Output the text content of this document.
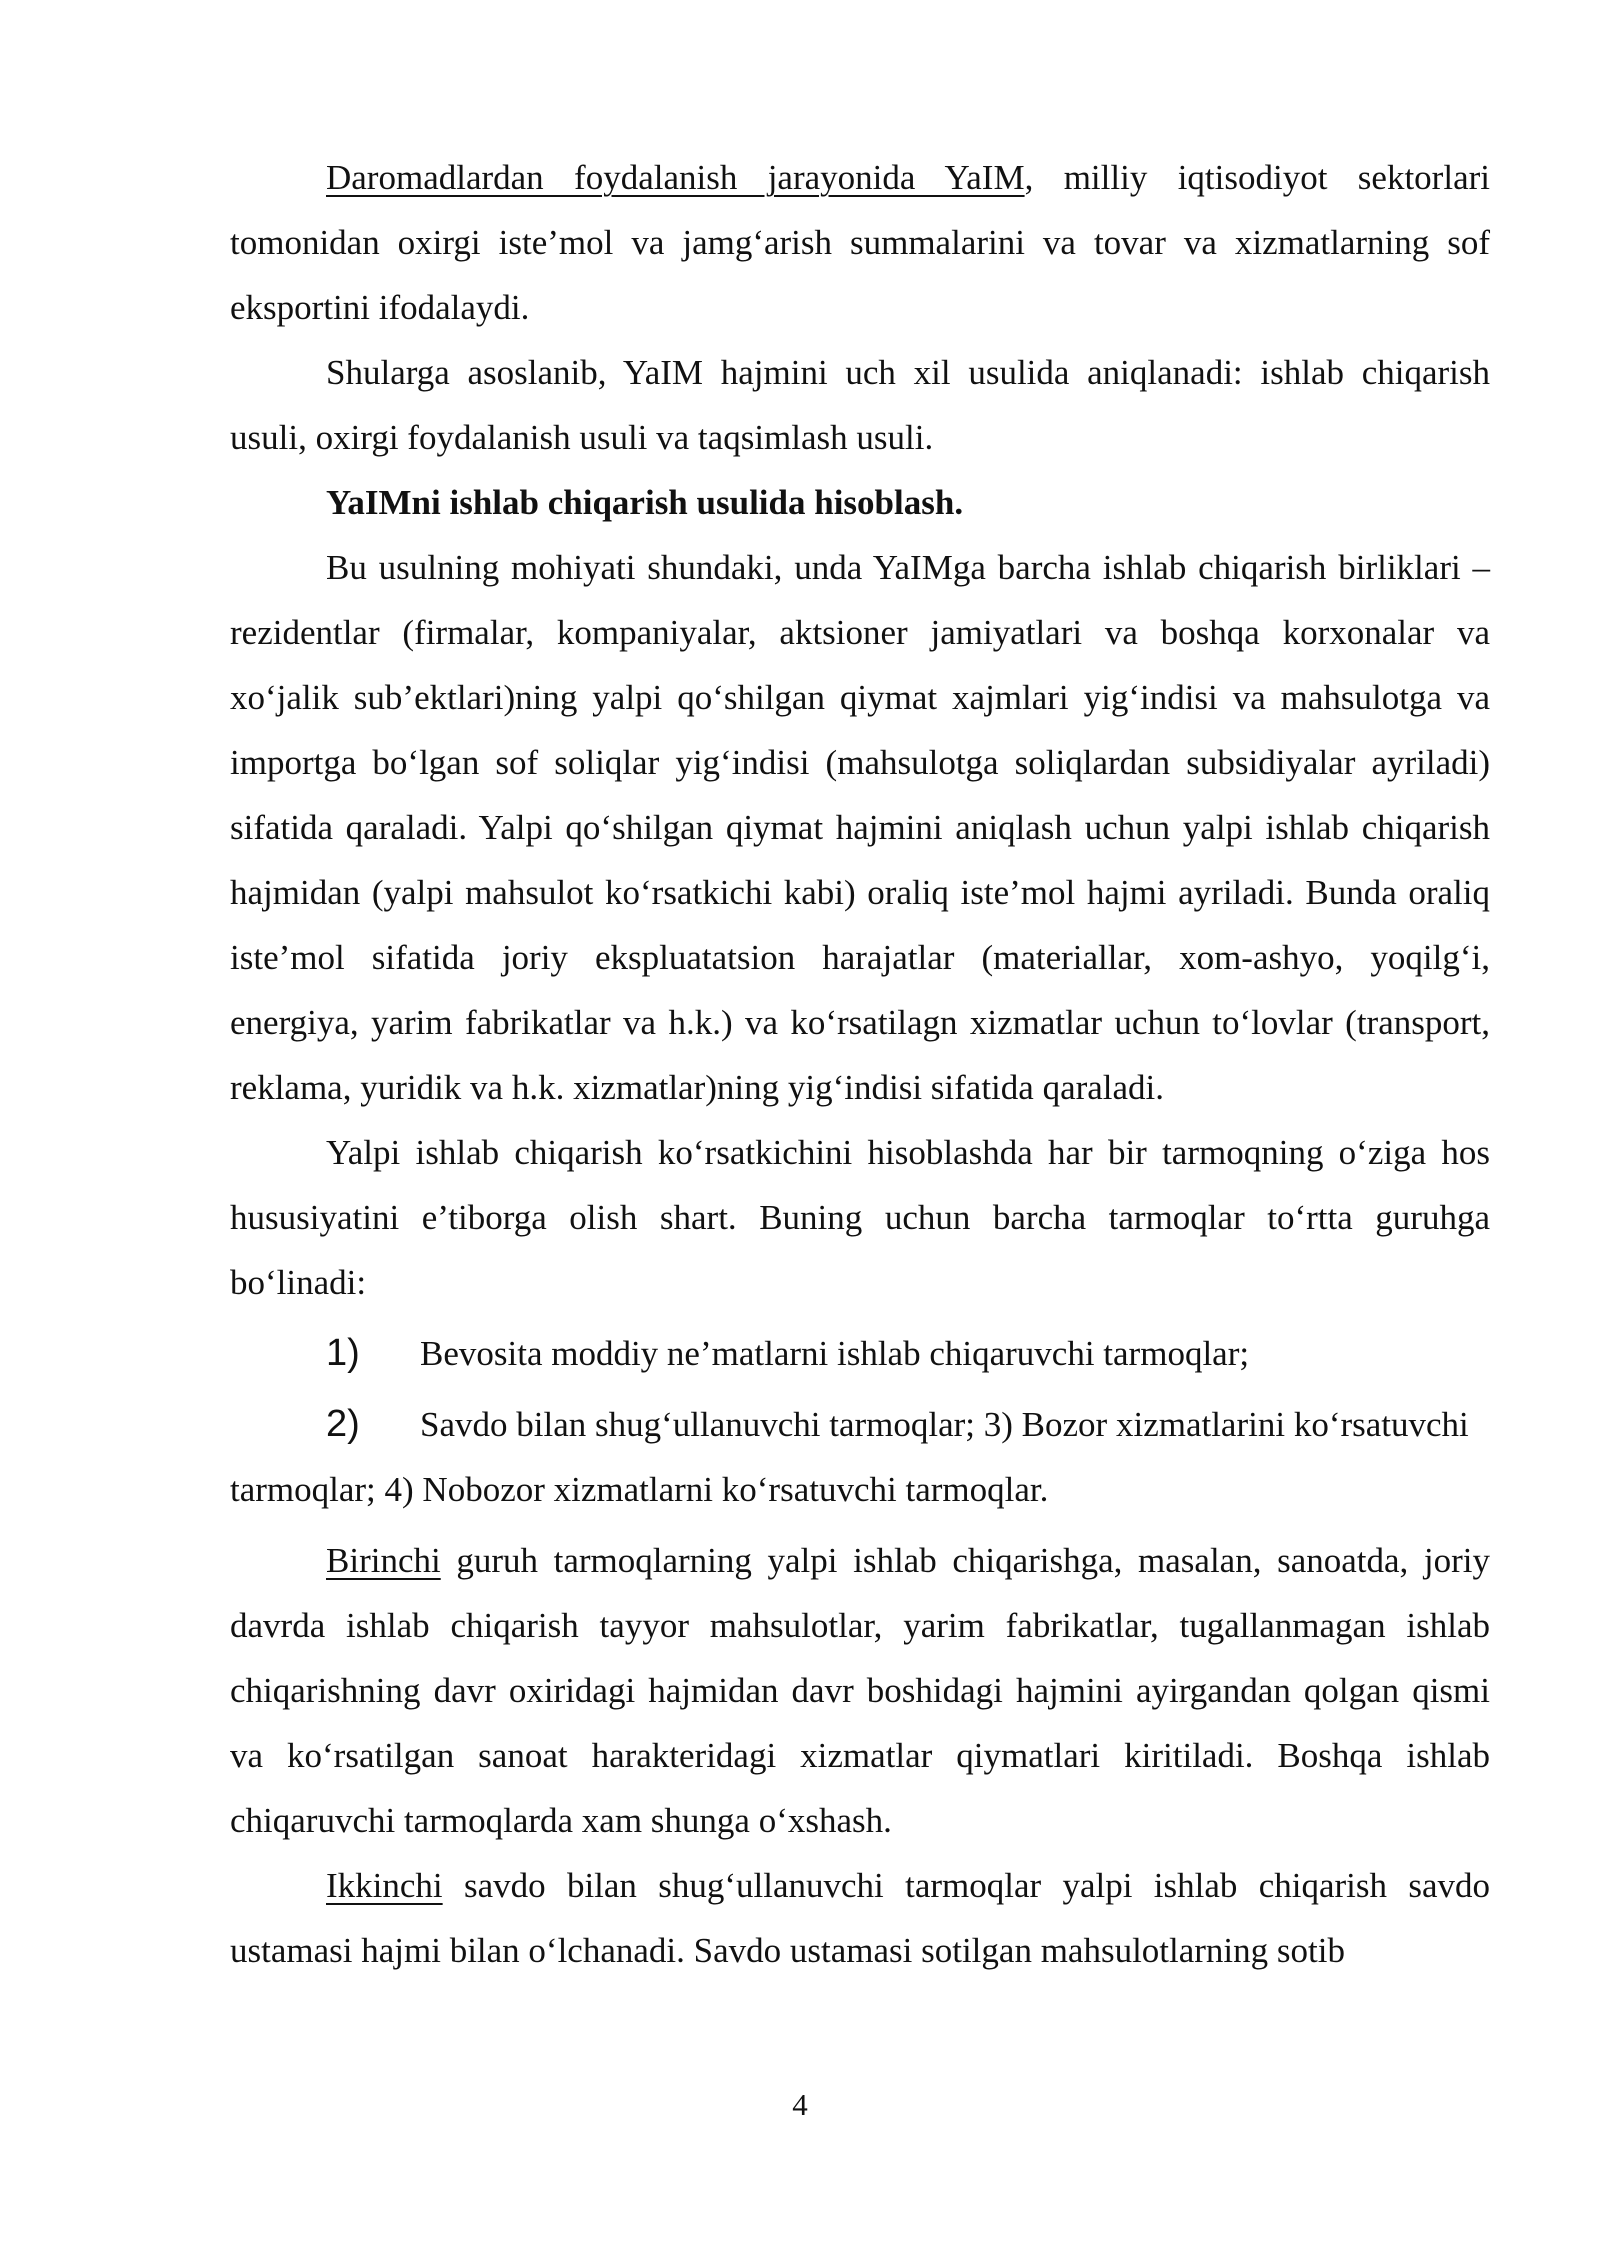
Daromadlardan foydalanish jarayonida YaIM, milliy iqtisodiyot sektorlari tomonidan oxirgi iste’mol va jamg‘arish summalarini va tovar va xizmatlarning sof eksportini ifodalaydi.

Shularga asoslanib, YaIM hajmini uch xil usulida aniqlanadi: ishlab chiqarish usuli, oxirgi foydalanish usuli va taqsimlash usuli.

YaIMni ishlab chiqarish usulida hisoblash.

Bu usulning mohiyati shundaki, unda YaIMga barcha ishlab chiqarish birliklari – rezidentlar (firmalar, kompaniyalar, aktsioner jamiyatlari va boshqa korxonalar va xo‘jalik sub’ektlari)ning yalpi qo‘shilgan qiymat xajmlari yig‘indisi va mahsulotga va importga bo‘lgan sof soliqlar yig‘indisi (mahsulotga soliqlardan subsidiyalar ayriladi) sifatida qaraladi. Yalpi qo‘shilgan qiymat hajmini aniqlash uchun yalpi ishlab chiqarish hajmidan (yalpi mahsulot ko‘rsatkichi kabi) oraliq iste’mol hajmi ayriladi. Bunda oraliq iste’mol sifatida joriy ekspluatatsion harajatlar (materiallar, xom-ashyo, yoqilg‘i, energiya, yarim fabrikatlar va h.k.) va ko‘rsatilagn xizmatlar uchun to‘lovlar (transport, reklama, yuridik va h.k. xizmatlar)ning yig‘indisi sifatida qaraladi.

Yalpi ishlab chiqarish ko‘rsatkichini hisoblashda har bir tarmoqning o‘ziga hos hususiyatini e’tiborga olish shart. Buning uchun barcha tarmoqlar to‘rtta guruhga bo‘linadi:

1) Bevosita moddiy ne’matlarni ishlab chiqaruvchi tarmoqlar;

2) Savdo bilan shug‘ullanuvchi tarmoqlar; 3) Bozor xizmatlarini ko‘rsatuvchi tarmoqlar; 4) Nobozor xizmatlarni ko‘rsatuvchi tarmoqlar.

Birinchi guruh tarmoqlarning yalpi ishlab chiqarishga, masalan, sanoatda, joriy davrda ishlab chiqarish tayyor mahsulotlar, yarim fabrikatlar, tugallanmagan ishlab chiqarishning davr oxiridagi hajmidan davr boshidagi hajmini ayirgandan qolgan qismi va ko‘rsatilgan sanoat harakteridagi xizmatlar qiymatlari kiritiladi. Boshqa ishlab chiqaruvchi tarmoqlarda xam shunga o‘xshash.

Ikkinchi savdo bilan shug‘ullanuvchi tarmoqlar yalpi ishlab chiqarish savdo ustamasi hajmi bilan o‘lchanadi. Savdo ustamasi sotilgan mahsulotlarning sotib

4
